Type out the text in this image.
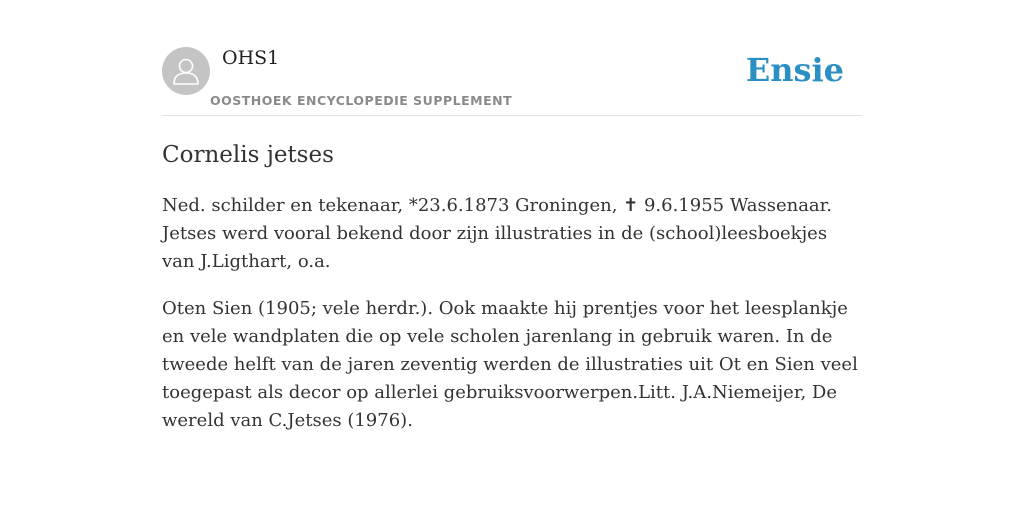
OHS1
OOSTHOEK ENCYCLOPEDIE SUPPLEMENT
Ensie
Cornelis jetses

Ned. schilder en tekenaar, *23.6.1873 Groningen, ✝ 9.6.1955 Wassenaar. Jetses werd vooral bekend door zijn illustraties in de (school)leesboekjes van J.Ligthart, o.a.

Oten Sien (1905; vele herdr.). Ook maakte hij prentjes voor het leesplankje en vele wandplaten die op vele scholen jarenlang in gebruik waren. In de tweede helft van de jaren zeventig werden de illustraties uit Ot en Sien veel toegepast als decor op allerlei gebruiksvoorwerpen.Litt. J.A.Niemeijer, De wereld van C.Jetses (1976).
